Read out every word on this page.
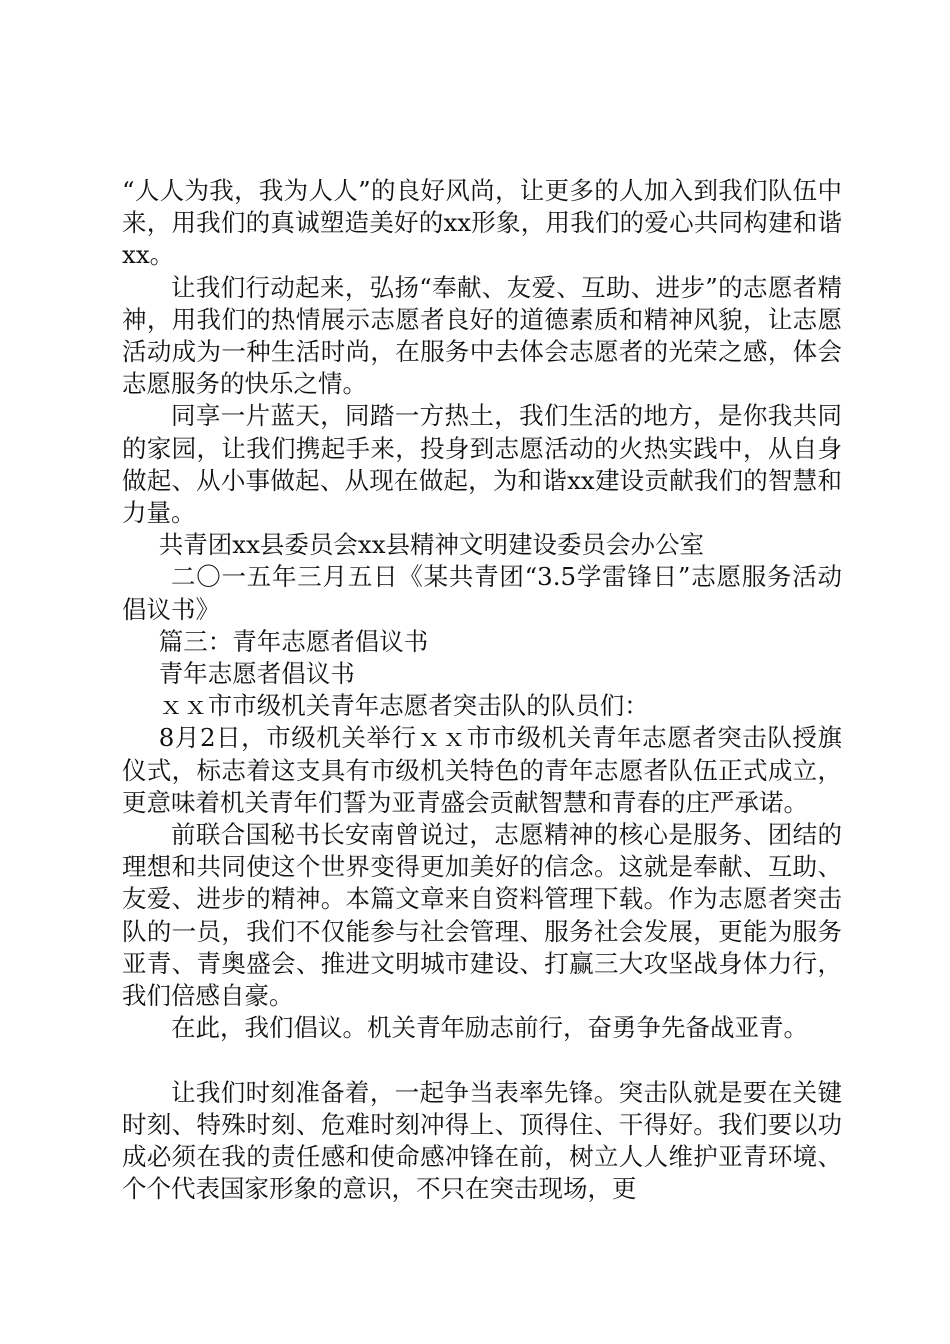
“人人为我，我为人人”的良好风尚，让更多的人加入到我们队伍中来，用我们的真诚塑造美好的xx形象，用我们的爱心共同构建和谐xx。

让我们行动起来，弘扬“奉献、友爱、互助、进步”的志愿者精神，用我们的热情展示志愿者良好的道德素质和精神风貌，让志愿活动成为一种生活时尚，在服务中去体会志愿者的光荣之感，体会志愿服务的快乐之情。

同享一片蓝天，同踏一方热土，我们生活的地方，是你我共同的家园，让我们携起手来，投身到志愿活动的火热实践中，从自身做起、从小事做起、从现在做起，为和谐xx建设贡献我们的智慧和力量。

共青团xx县委员会xx县精神文明建设委员会办公室

二〇一五年三月五日《某共青团“3.5学雷锋日”志愿服务活动倡议书》

篇三：青年志愿者倡议书

青年志愿者倡议书

ｘｘ市市级机关青年志愿者突击队的队员们：

8月2日，市级机关举行ｘｘ市市级机关青年志愿者突击队授旗仪式，标志着这支具有市级机关特色的青年志愿者队伍正式成立，更意味着机关青年们誓为亚青盛会贡献智慧和青春的庄严承诺。

前联合国秘书长安南曾说过，志愿精神的核心是服务、团结的理想和共同使这个世界变得更加美好的信念。这就是奉献、互助、友爱、进步的精神。本篇文章来自资料管理下载。作为志愿者突击队的一员，我们不仅能参与社会管理、服务社会发展，更能为服务亚青、青奥盛会、推进文明城市建设、打赢三大攻坚战身体力行，我们倍感自豪。

在此，我们倡议。机关青年励志前行，奋勇争先备战亚青。

让我们时刻准备着，一起争当表率先锋。突击队就是要在关键时刻、特殊时刻、危难时刻冲得上、顶得住、干得好。我们要以功成必须在我的责任感和使命感冲锋在前，树立人人维护亚青环境、个个代表国家形象的意识，不只在突击现场，更
